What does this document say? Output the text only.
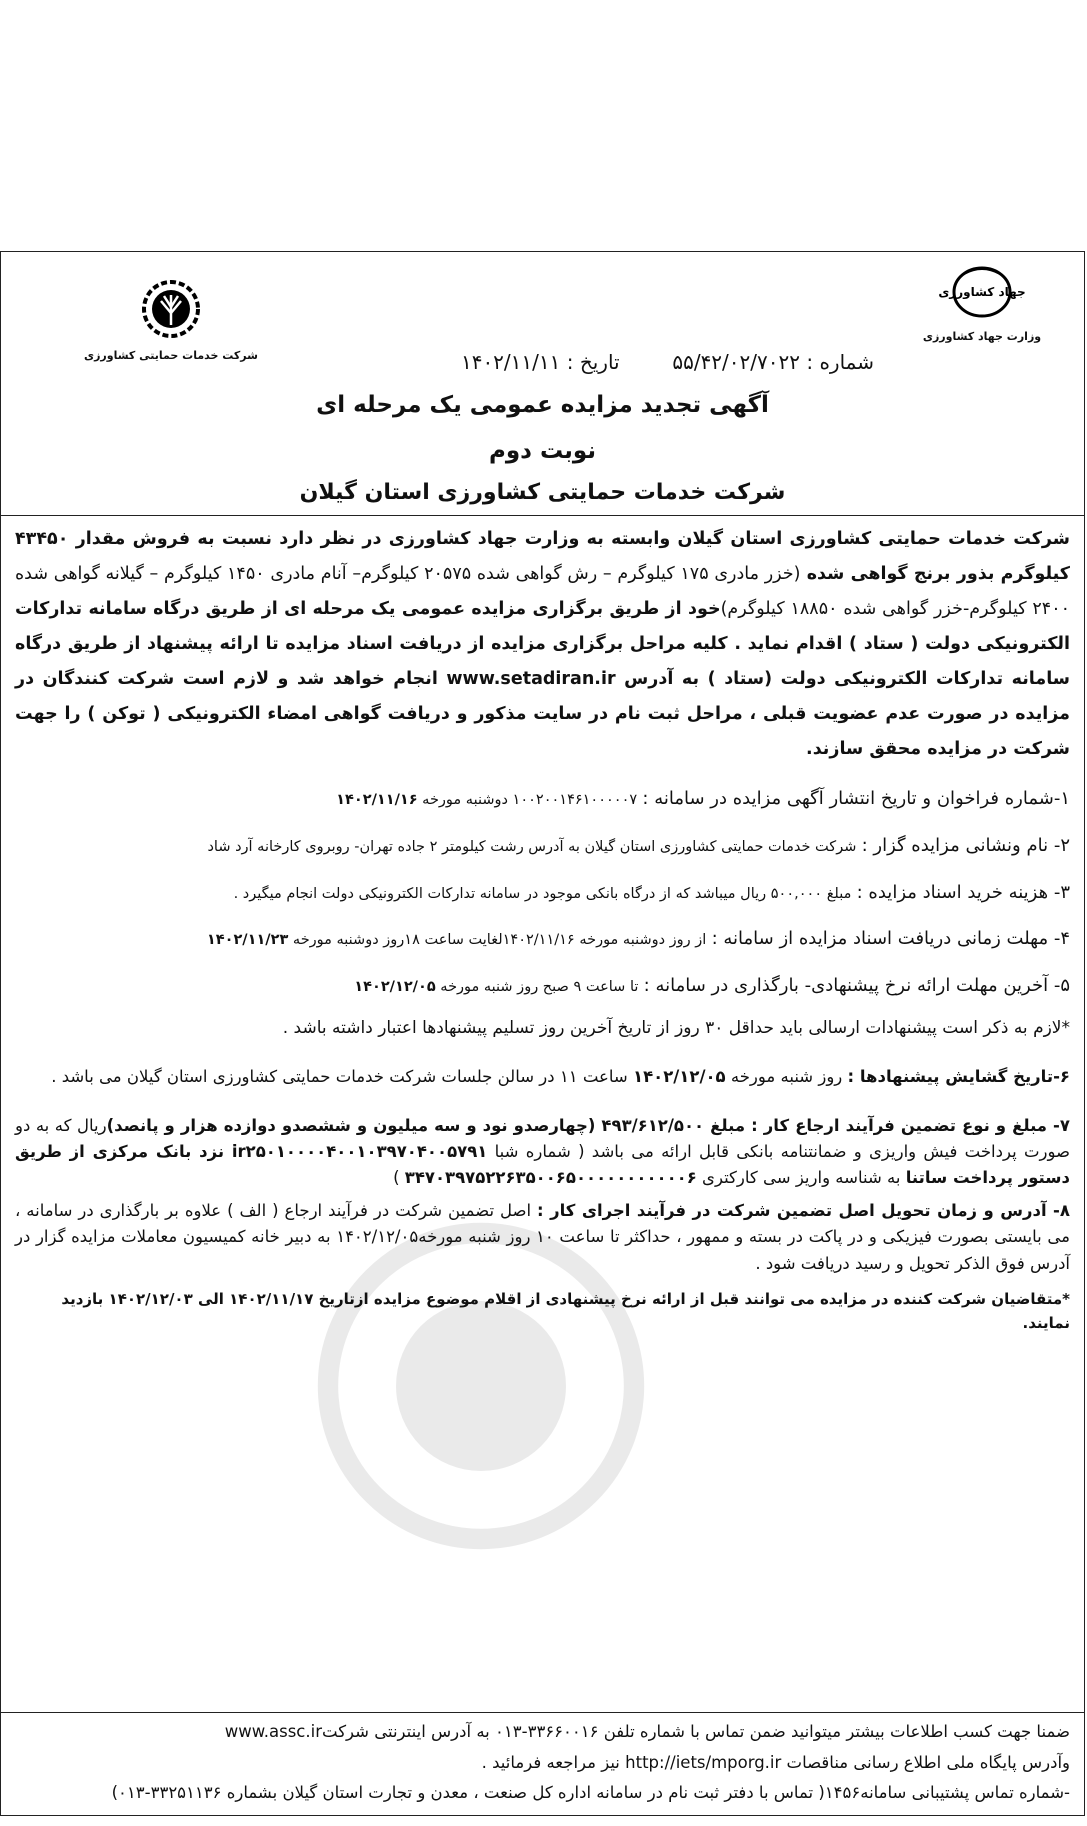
شرکت خدمات حمایتی کشاورزی
جهاد کشاورزی
وزارت جهاد کشاورزی
شماره : ۵۵/۴۲/۰۲/۷۰۲۲  تاریخ : ۱۴۰۲/۱۱/۱۱
آگهی تجدید مزایده عمومی یک مرحله ای
نوبت دوم
شرکت خدمات حمایتی کشاورزی استان گیلان

شرکت خدمات حمایتی کشاورزی استان گیلان وابسته به وزارت جهاد کشاورزی در نظر دارد نسبت به فروش مقدار ۴۳۴۵۰ کیلوگرم بذور برنج گواهی شده (خزر مادری ۱۷۵ کیلوگرم – رش گواهی شده ۲۰۵۷۵ کیلوگرم– آنام مادری ۱۴۵۰ کیلوگرم – گیلانه گواهی شده ۲۴۰۰ کیلوگرم-خزر گواهی شده ۱۸۸۵۰ کیلوگرم)خود از طریق برگزاری مزایده عمومی یک مرحله ای از طریق درگاه سامانه تدارکات الکترونیکی دولت ( ستاد ) اقدام نماید . کلیه مراحل برگزاری مزایده از دریافت اسناد مزایده تا ارائه پیشنهاد از طریق درگاه سامانه تدارکات الکترونیکی دولت (ستاد ) به آدرس www.setadiran.ir انجام خواهد شد و لازم است شرکت کنندگان در مزایده در صورت عدم عضویت قبلی ، مراحل ثبت نام در سایت مذکور و دریافت گواهی امضاء الکترونیکی ( توکن ) را جهت شرکت در مزایده محقق سازند.

۱-شماره فراخوان و تاریخ انتشار آگهی مزایده در سامانه : ۱۰۰۲۰۰۱۴۶۱۰۰۰۰۰۷ دوشنبه مورخه ۱۴۰۲/۱۱/۱۶
۲- نام ونشانی مزایده گزار : شرکت خدمات حمایتی کشاورزی استان گیلان به آدرس رشت کیلومتر ۲ جاده تهران- روبروی کارخانه آرد شاد
۳- هزینه خرید اسناد مزایده : مبلغ ۵۰۰,۰۰۰ ریال میباشد که از درگاه بانکی موجود در سامانه تدارکات الکترونیکی دولت انجام میگیرد .
۴- مهلت زمانی دریافت اسناد مزایده از سامانه : از روز دوشنبه مورخه ۱۴۰۲/۱۱/۱۶لغایت ساعت ۱۸روز دوشنبه مورخه ۱۴۰۲/۱۱/۲۳
۵- آخرین مهلت ارائه نرخ پیشنهادی- بارگذاری در سامانه : تا ساعت ۹ صبح روز شنبه مورخه ۱۴۰۲/۱۲/۰۵
*لازم به ذکر است پیشنهادات ارسالی باید حداقل ۳۰ روز از تاریخ آخرین روز تسلیم پیشنهادها اعتبار داشته باشد .
۶-تاریخ گشایش پیشنهادها : روز شنبه مورخه ۱۴۰۲/۱۲/۰۵ ساعت ۱۱ در سالن جلسات شرکت خدمات حمایتی کشاورزی استان گیلان می باشد .
۷- مبلغ و نوع تضمین فرآیند ارجاع کار : مبلغ ۴۹۳/۶۱۲/۵۰۰ (چهارصدو نود و سه میلیون و ششصدو دوازده هزار و پانصد)ریال که به دو صورت پرداخت فیش واریزی و ضمانتنامه بانکی قابل ارائه می باشد ( شماره شبا ir۲۵۰۱۰۰۰۰۴۰۰۱۰۳۹۷۰۴۰۰۵۷۹۱ نزد بانک مرکزی از طریق دستور پرداخت ساتنا به شناسه واریز سی کارکتری ۳۴۷۰۳۹۷۵۲۲۶۳۵۰۰۶۵۰۰۰۰۰۰۰۰۰۰۰۶ )
۸- آدرس و زمان تحویل اصل تضمین شرکت در فرآیند اجرای کار : اصل تضمین شرکت در فرآیند ارجاع ( الف ) علاوه بر بارگذاری در سامانه ، می بایستی بصورت فیزیکی و در پاکت در بسته و ممهور ، حداکثر تا ساعت ۱۰ روز شنبه مورخه۱۴۰۲/۱۲/۰۵ به دبیر خانه کمیسیون معاملات مزایده گزار در آدرس فوق الذکر تحویل و رسید دریافت شود .
*متقاضیان شرکت کننده در مزایده می توانند قبل از ارائه نرخ پیشنهادی از اقلام موضوع مزایده ازتاریخ ۱۴۰۲/۱۱/۱۷ الی ۱۴۰۲/۱۲/۰۳ بازدید نمایند.
ضمنا جهت کسب اطلاعات بیشتر میتوانید ضمن تماس با شماره تلفن ۳۳۶۶۰۰۱۶-۰۱۳ به آدرس اینترنتی شرکتwww.assc.ir
وآدرس پایگاه ملی اطلاع رسانی مناقصات http://iets/mporg.ir نیز مراجعه فرمائید .
-شماره تماس پشتیبانی سامانه۱۴۵۶( تماس با دفتر ثبت نام در سامانه اداره کل صنعت ، معدن و تجارت استان گیلان بشماره ۳۳۲۵۱۱۳۶-۰۱۳)
